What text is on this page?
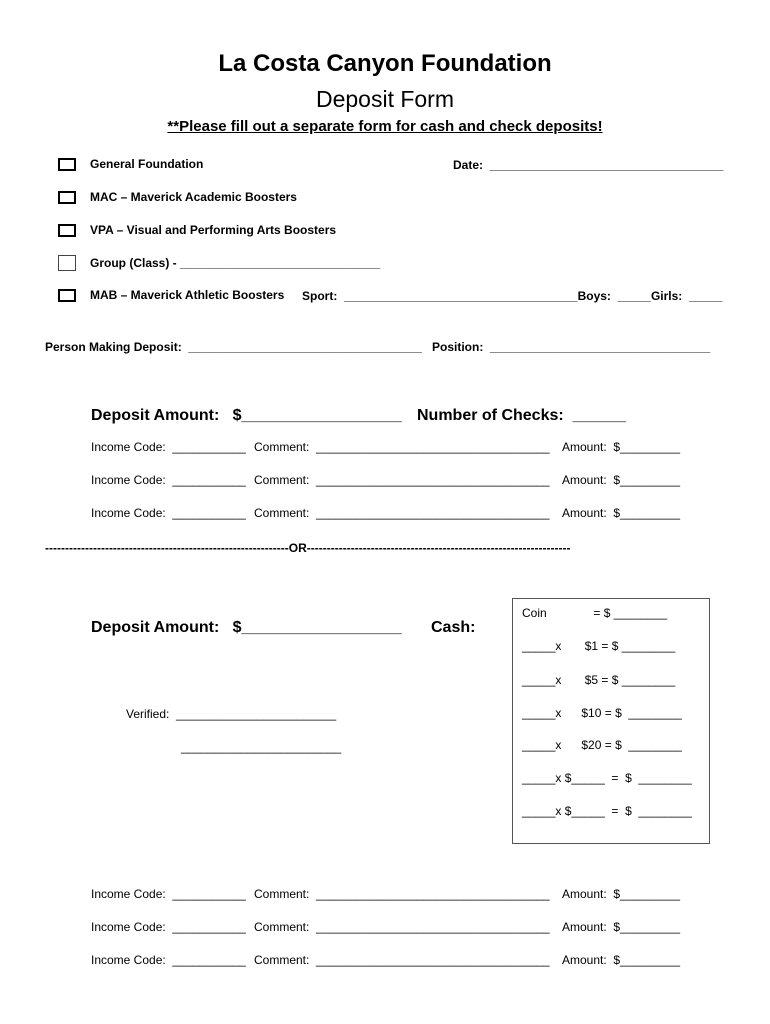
La Costa Canyon Foundation
Deposit Form
**Please fill out a separate form for cash and check deposits!
General Foundation	Date:  ___________________________________
MAC – Maverick Academic Boosters
VPA – Visual and Performing Arts Boosters
Group (Class) - ______________________________
MAB – Maverick Athletic Boosters Sport:  ___________________________________Boys:  _____Girls:  _____
Person Making Deposit:  ___________________________________ Position:  _________________________________
Deposit Amount:   $__________________ Number of Checks:  ______
Income Code:  ___________ Comment:  ___________________________________ Amount:  $_________
Income Code:  ___________ Comment:  ___________________________________ Amount:  $_________
Income Code:  ___________ Comment:  ___________________________________ Amount:  $_________
-------------------------------------------------------------OR------------------------------------------------------------------
Deposit Amount:   $__________________ Cash:
Verified:  ________________________
________________________
Coin              = $ ________
_____x       $1 = $ ________
_____x       $5 = $ ________
_____x      $10 = $  ________
_____x      $20 = $  ________
_____x $_____  =  $  ________
_____x $_____  =  $  ________
Income Code:  ___________ Comment:  ___________________________________ Amount:  $_________
Income Code:  ___________ Comment:  ___________________________________ Amount:  $_________
Income Code:  ___________ Comment:  ___________________________________ Amount:  $_________
